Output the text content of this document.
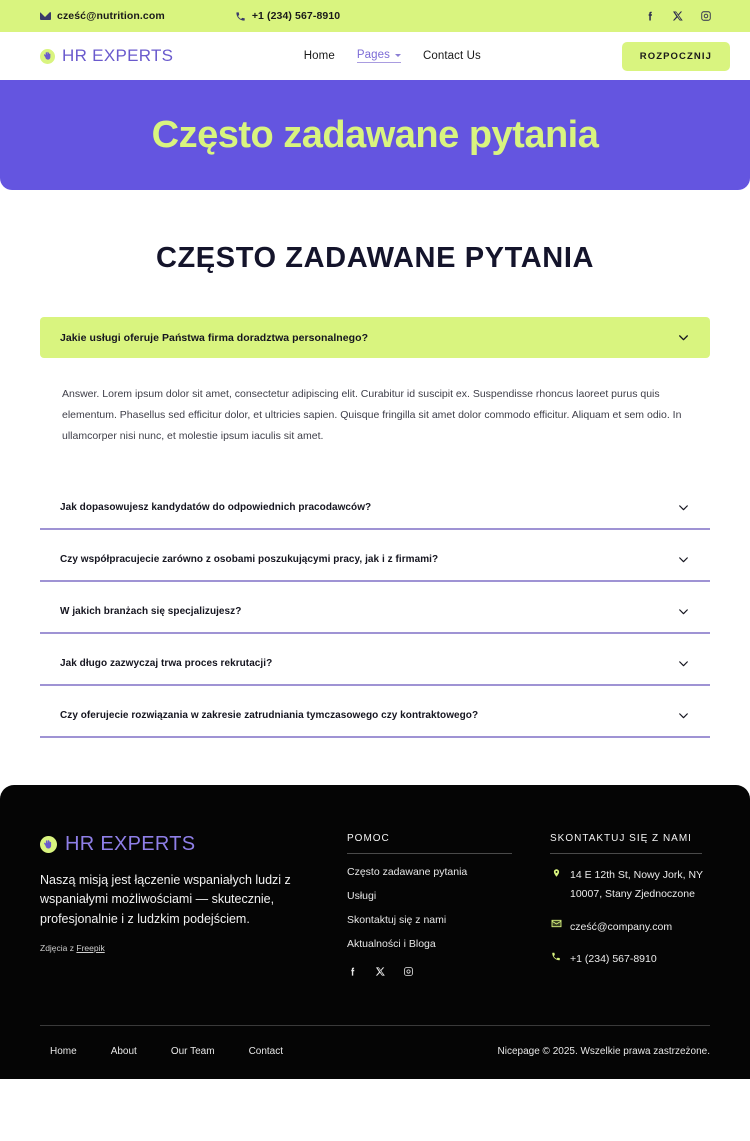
cześć@nutrition.com	+1 (234) 567-8910
HR EXPERTS	Home Pages	Contact Us	ROZPOCZNIJ
Często zadawane pytania
CZĘSTO ZADAWANE PYTANIA
Jakie usługi oferuje Państwa firma doradztwa personalnego?
Answer. Lorem ipsum dolor sit amet, consectetur adipiscing elit. Curabitur id suscipit ex. Suspendisse rhoncus laoreet purus quis elementum. Phasellus sed efficitur dolor, et ultricies sapien. Quisque fringilla sit amet dolor commodo efficitur. Aliquam et sem odio. In ullamcorper nisi nunc, et molestie ipsum iaculis sit amet.
Jak dopasowujesz kandydatów do odpowiednich pracodawców?
Czy współpracujecie zarówno z osobami poszukującymi pracy, jak i z firmami?
W jakich branżach się specjalizujesz?
Jak długo zazwyczaj trwa proces rekrutacji?
Czy oferujecie rozwiązania w zakresie zatrudniania tymczasowego czy kontraktowego?
HR EXPERTS
Naszą misją jest łączenie wspaniałych ludzi z wspaniałymi możliwościami — skutecznie, profesjonalnie i z ludzkim podejściem.
Zdjęcia z Freepik
POMOC
Często zadawane pytania
Usługi
Skontaktuj się z nami
Aktualności i Bloga
SKONTAKTUJ SIĘ Z NAMI
14 E 12th St, Nowy Jork, NY 10007, Stany Zjednoczone
cześć@company.com
+1 (234) 567-8910
Home	About	Our Team	Contact	Nicepage © 2025. Wszelkie prawa zastrzeżone.
